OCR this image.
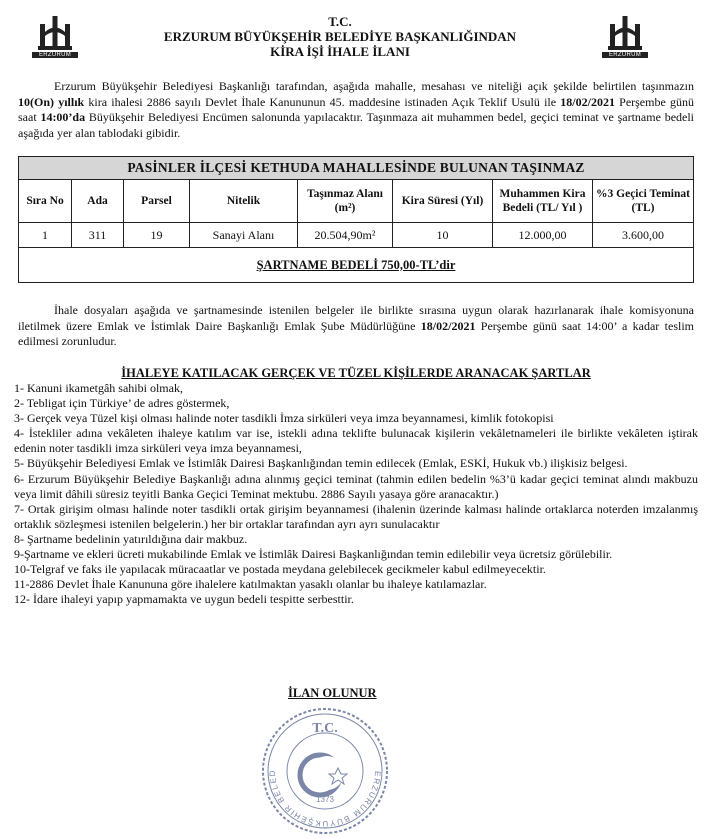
ERZURUM
T.C.
ERZURUM BÜYÜKŞEHİR BELEDİYE BAŞKANLIĞINDAN
KİRA İŞİ İHALE İLANI	ERZURUM
Erzurum Büyükşehir Belediyesi Başkanlığı tarafından, aşağıda mahalle, mesahası ve niteliği açık şekilde belirtilen taşınmazın 10(On) yıllık kira ihalesi 2886 sayılı Devlet İhale Kanununun 45. maddesine istinaden Açık Teklif Usulü ile 18/02/2021 Perşembe günü saat 14:00’da Büyükşehir Belediyesi Encümen salonunda yapılacaktır. Taşınmaza ait muhammen bedel, geçici teminat ve şartname bedeli aşağıda yer alan tablodaki gibidir.
PASİNLER İLÇESİ KETHUDA MAHALLESİNDE BULUNAN TAŞINMAZ							
Sıra No	Ada	Parsel	Nitelik	Taşınmaz Alanı (m²)	Kira Süresi (Yıl)	Muhammen Kira Bedeli (TL/ Yıl )	%3 Geçici Teminat (TL)
1	311	19	Sanayi Alanı	20.504,90m²	10	12.000,00	3.600,00
ŞARTNAME BEDELİ 750,00-TL’dir							
İhale dosyaları aşağıda ve şartnamesinde istenilen belgeler ile birlikte sırasına uygun olarak hazırlanarak ihale komisyonuna iletilmek üzere Emlak ve İstimlak Daire Başkanlığı Emlak Şube Müdürlüğüne 18/02/2021 Perşembe günü saat 14:00’ a kadar teslim edilmesi zorunludur.
İHALEYE KATILACAK GERÇEK VE TÜZEL KİŞİLERDE ARANACAK ŞARTLAR
1- Kanuni ikametgâh sahibi olmak,
2- Tebligat için Türkiye’ de adres göstermek,
3- Gerçek veya Tüzel kişi olması halinde noter tasdikli İmza sirküleri veya imza beyannamesi, kimlik fotokopisi
4- İstekliler adına vekâleten ihaleye katılım var ise, istekli adına teklifte bulunacak kişilerin vekâletnameleri ile birlikte vekâleten iştirak edenin noter tasdikli imza sirküleri veya imza beyannamesi,
5- Büyükşehir Belediyesi Emlak ve İstimlâk Dairesi Başkanlığından temin edilecek (Emlak, ESKİ, Hukuk vb.) ilişkisiz belgesi.
6- Erzurum Büyükşehir Belediye Başkanlığı adına alınmış geçici teminat (tahmin edilen bedelin %3’ü kadar geçici teminat alındı makbuzu veya limit dâhili süresiz teyitli Banka Geçici Teminat mektubu. 2886 Sayılı yasaya göre aranacaktır.)
7- Ortak girişim olması halinde noter tasdikli ortak girişim beyannamesi (ihalenin üzerinde kalması halinde ortaklarca noterden imzalanmış ortaklık sözleşmesi istenilen belgelerin.) her bir ortaklar tarafından ayrı ayrı sunulacaktır
8- Şartname bedelinin yatırıldığına dair makbuz.
9-Şartname ve ekleri ücreti mukabilinde Emlak ve İstimlâk Dairesi Başkanlığından temin edilebilir veya ücretsiz görülebilir.
10-Telgraf ve faks ile yapılacak müracaatlar ve postada meydana gelebilecek gecikmeler kabul edilmeyecektir.
11-2886 Devlet İhale Kanununa göre ihalelere katılmaktan yasaklı olanlar bu ihaleye katılamazlar.
12- İdare ihaleyi yapıp yapmamakta ve uygun bedeli tespitte serbesttir.
İLAN OLUNUR
T.C.
ERZURUM BÜYÜKŞEHİR BELED
1373
